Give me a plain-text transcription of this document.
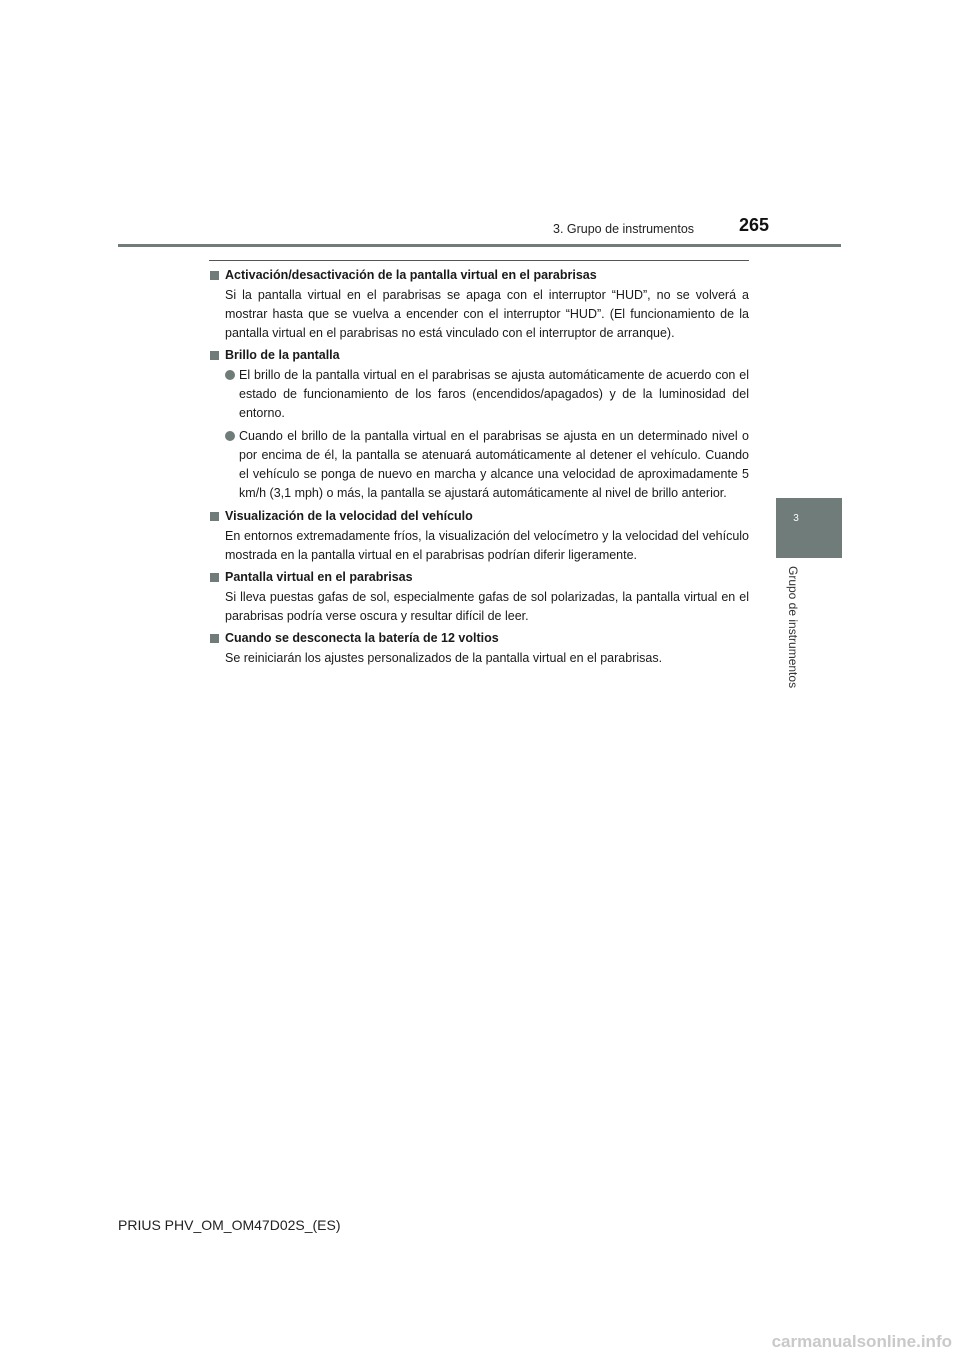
3. Grupo de instrumentos 265
3
Grupo de instrumentos
Activación/desactivación de la pantalla virtual en el parabrisas
Si la pantalla virtual en el parabrisas se apaga con el interruptor “HUD”, no se volverá a mostrar hasta que se vuelva a encender con el interruptor “HUD”. (El funcionamiento de la pantalla virtual en el parabrisas no está vinculado con el interruptor de arranque).
Brillo de la pantalla
El brillo de la pantalla virtual en el parabrisas se ajusta automáticamente de acuerdo con el estado de funcionamiento de los faros (encendidos/apagados) y de la luminosidad del entorno.
Cuando el brillo de la pantalla virtual en el parabrisas se ajusta en un determinado nivel o por encima de él, la pantalla se atenuará automáticamente al detener el vehículo. Cuando el vehículo se ponga de nuevo en marcha y alcance una velocidad de aproximadamente 5 km/h (3,1 mph) o más, la pantalla se ajustará automáticamente al nivel de brillo anterior.
Visualización de la velocidad del vehículo
En entornos extremadamente fríos, la visualización del velocímetro y la velocidad del vehículo mostrada en la pantalla virtual en el parabrisas podrían diferir ligeramente.
Pantalla virtual en el parabrisas
Si lleva puestas gafas de sol, especialmente gafas de sol polarizadas, la pantalla virtual en el parabrisas podría verse oscura y resultar difícil de leer.
Cuando se desconecta la batería de 12 voltios
Se reiniciarán los ajustes personalizados de la pantalla virtual en el parabrisas.
PRIUS PHV_OM_OM47D02S_(ES)
carmanualsonline.info
